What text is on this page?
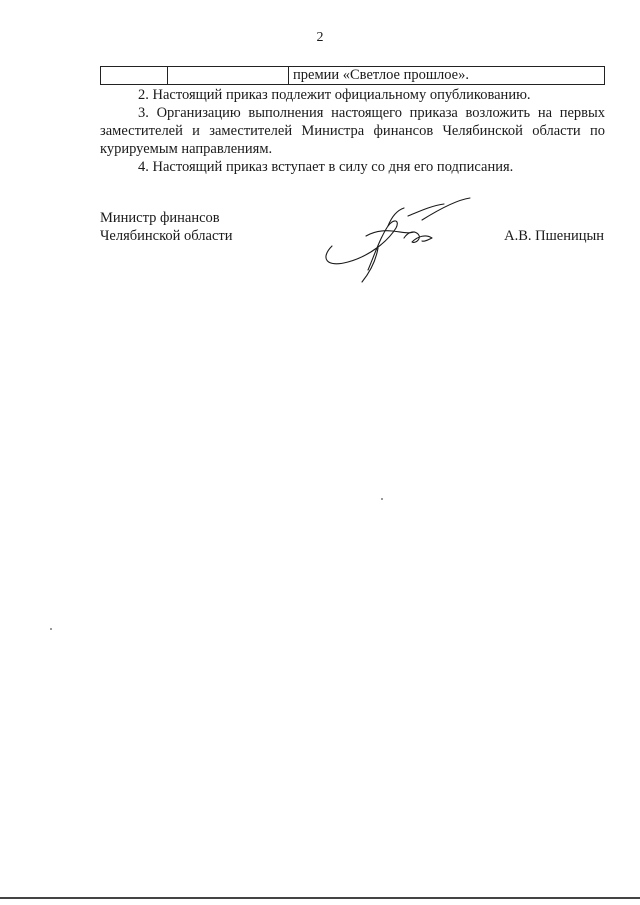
2
		премии «Светлое прошлое».

2. Настоящий приказ подлежит официальному опубликованию.

3. Организацию выполнения настоящего приказа возложить на первых заместителей и заместителей Министра финансов Челябинской области по курируемым направлениям.

4. Настоящий приказ вступает в силу со дня его подписания.

Министр финансов
Челябинской области	А.В. Пшеницын
